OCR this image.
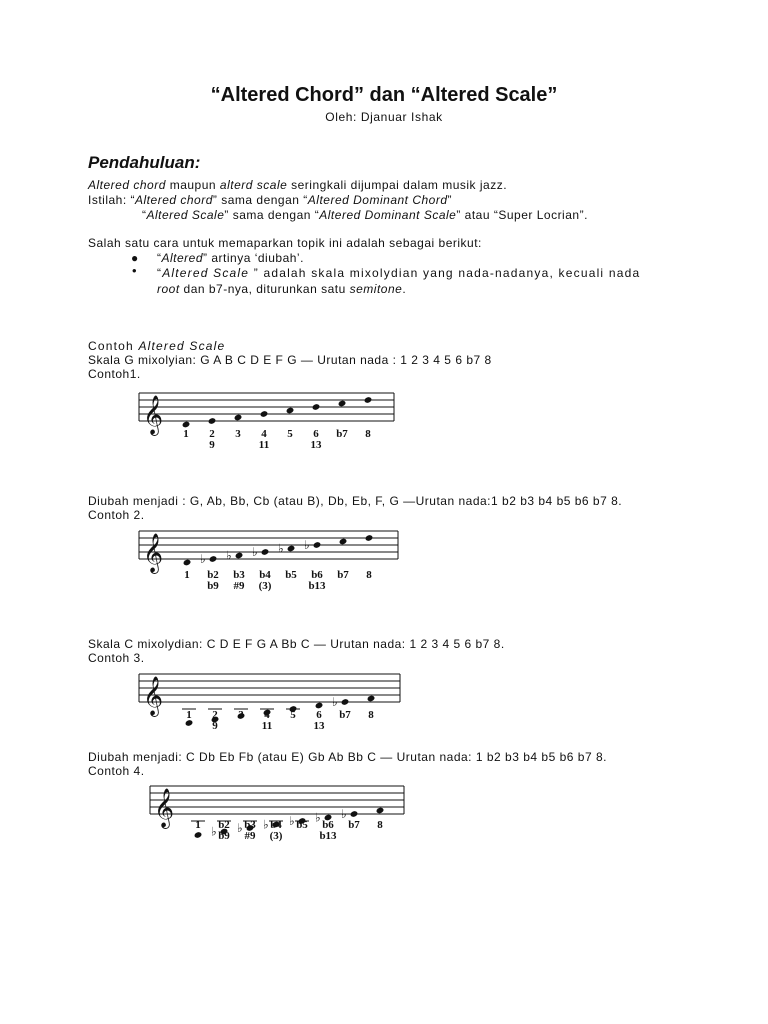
“Altered Chord” dan “Altered Scale”
Oleh: Djanuar Ishak
Pendahuluan:
Altered chord maupun alterd scale seringkali dijumpai dalam musik jazz.
Istilah: “Altered chord” sama dengan “Altered Dominant Chord”
“Altered Scale” sama dengan “Altered Dominant Scale” atau “Super Locrian”.
Salah satu cara untuk memaparkan topik ini adalah sebagai berikut:
● “Altered” artinya ‘diubah’.
• “Altered Scale ” adalah skala mixolydian yang nada-nadanya, kecuali nada
root dan b7-nya, diturunkan satu semitone.
Contoh Altered Scale
Skala G mixolyian: G A B C D E F G — Urutan nada : 1 2 3 4 5 6 b7 8
Contoh1.
𝄞 1 2
9
3 4
11
5 6
13
b7 8
Diubah menjadi : G, Ab, Bb, Cb (atau B), Db, Eb, F, G —Urutan nada:1 b2 b3 b4 b5 b6 b7 8.
Contoh 2.
𝄞
1
♭
b2
b9
♭
b3
#9
♭
b4
(3)
♭
b5
♭
b6
b13
b7 8
Skala C mixolydian: C D E F G A Bb C — Urutan nada: 1 2 3 4 5 6 b7 8.
Contoh 3.
𝄞 1 2
9
3 4
11
5 6
13
♭
b7 8
Diubah menjadi: C Db Eb Fb (atau E) Gb Ab Bb C — Urutan nada: 1 b2 b3 b4 b5 b6 b7 8.
Contoh 4.
𝄞 1 ♭ b2
b9
♭ b3
#9
♭ b4
(3)
♭ b5
♭
b6
b13
♭
b7 8
